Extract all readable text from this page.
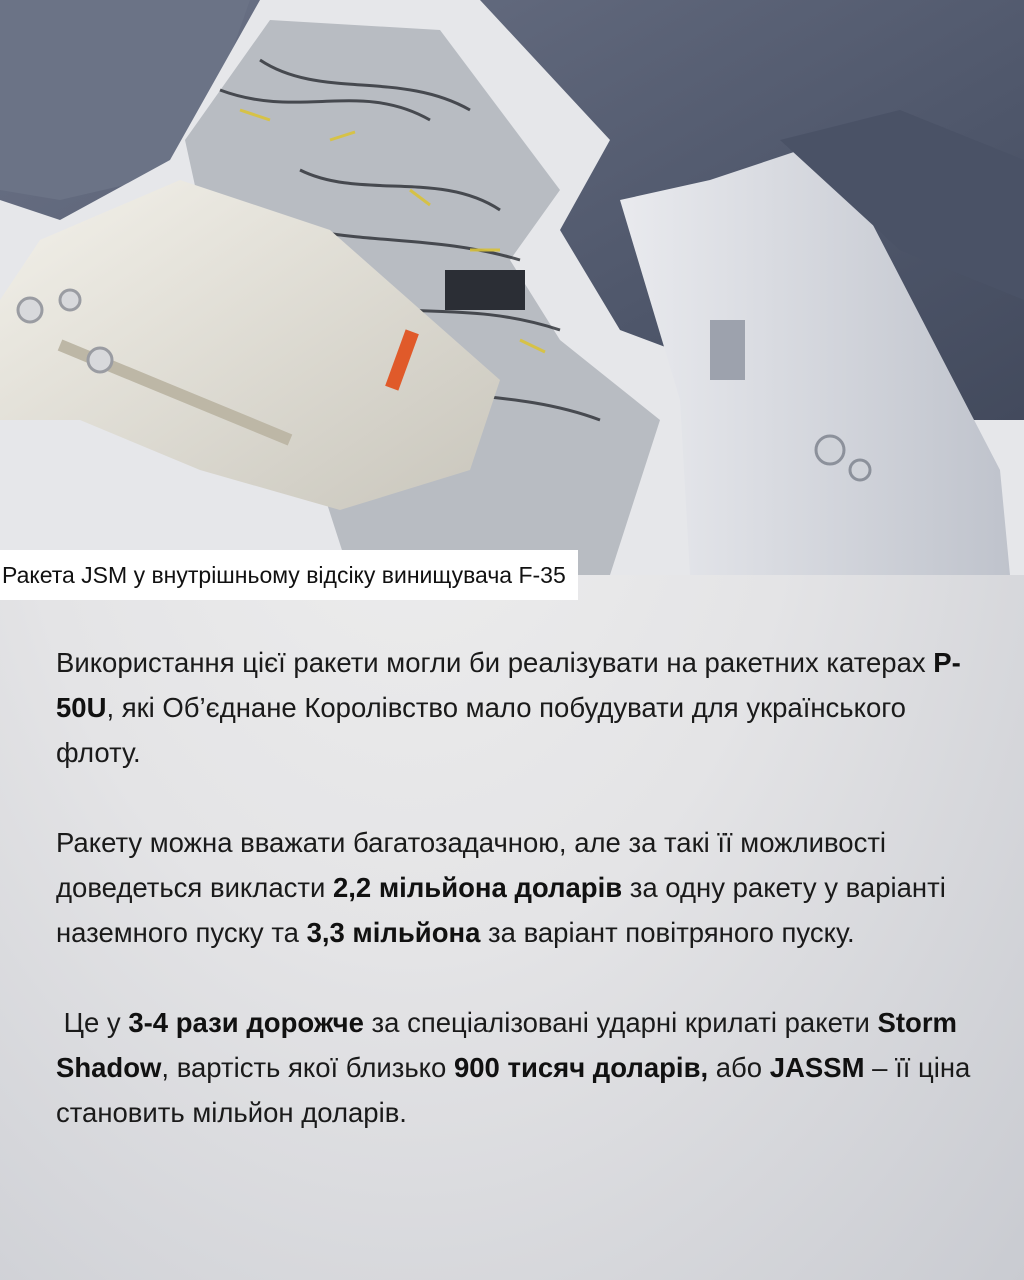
Ракета JSM у внутрішньому відсіку винищувача F-35

Використання цієї ракети могли би реалізувати на ракетних катерах P-50U, які Об’єднане Королівство мало побудувати для українського флоту.

Ракету можна вважати багатозадачною, але за такі її можливості доведеться викласти 2,2 мільйона доларів за одну ракету у варіанті наземного пуску та 3,3 мільйона за варіант повітряного пуску.

Це у 3-4 рази дорожче за спеціалізовані ударні крилаті ракети Storm Shadow, вартість якої близько 900 тисяч доларів, або JASSM – її ціна становить мільйон доларів.
